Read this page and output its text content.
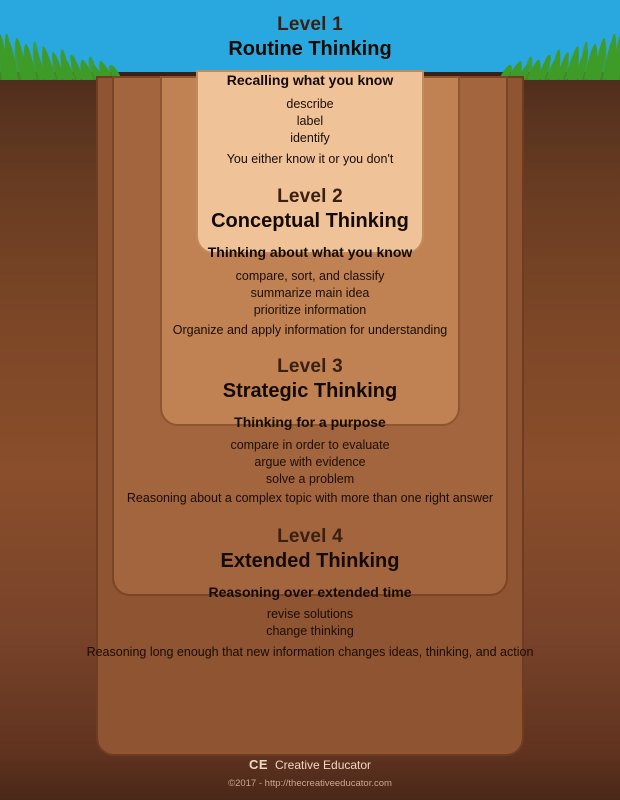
Level 1
Routine Thinking
Recalling what you know
describe
label
identify
You either know it or you don't
Level 2
Conceptual Thinking
Thinking about what you know
compare, sort, and classify
summarize main idea
prioritize information
Organize and apply information for understanding
Level 3
Strategic Thinking
Thinking for a purpose
compare in order to evaluate
argue with evidence
solve a problem
Reasoning about a complex topic with more than one right answer
Level 4
Extended Thinking
Reasoning over extended time
revise solutions
change thinking
Reasoning long enough that new information changes ideas, thinking, and action
CE Creative Educator
©2017 - http://thecreativeeducator.com
